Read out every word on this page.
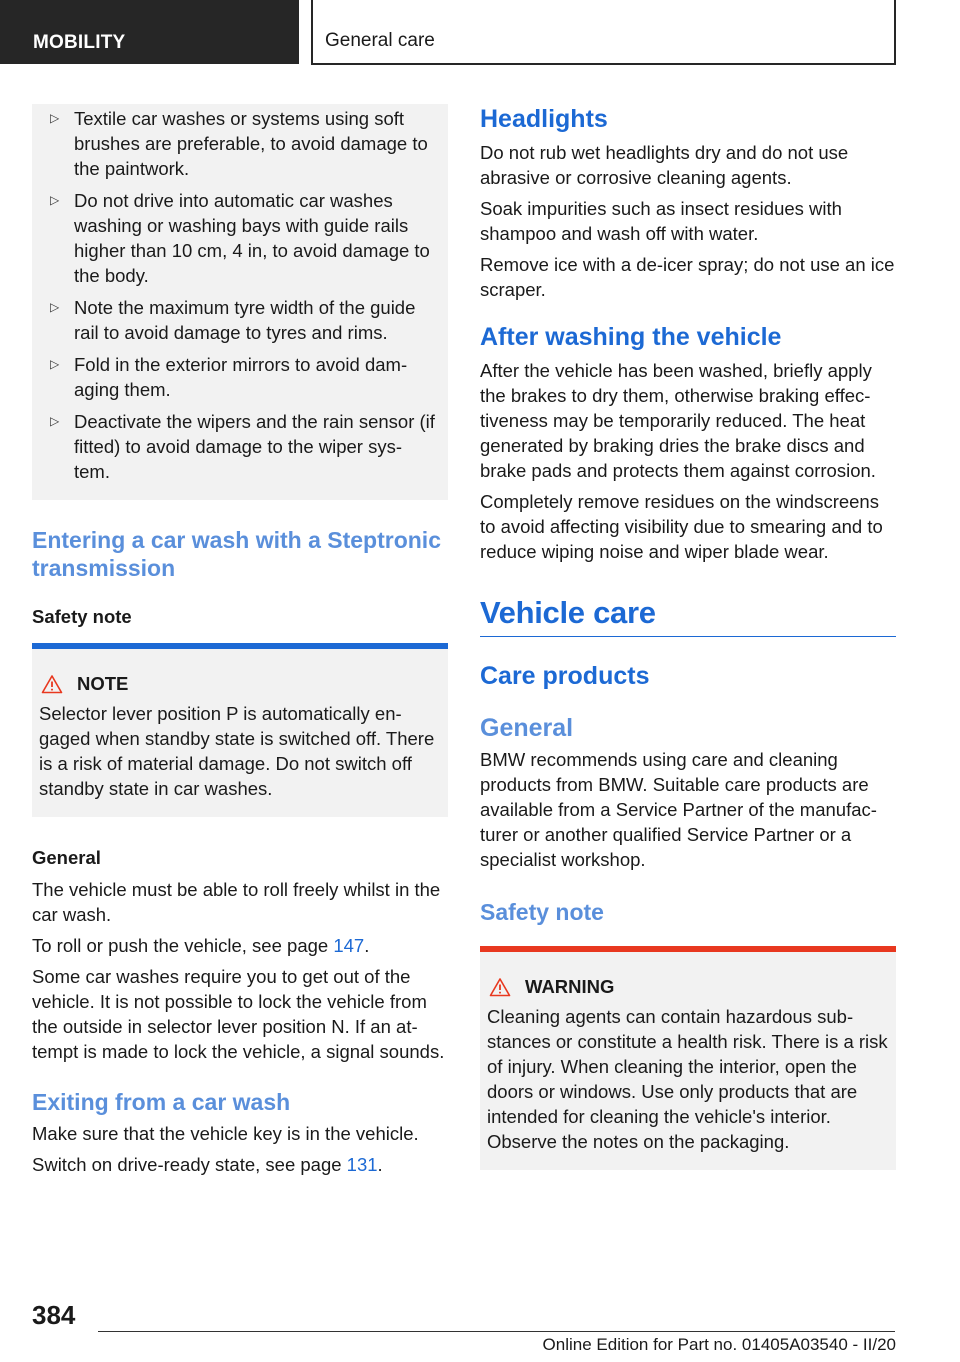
MOBILITY	General care
▷ Textile car washes or systems using soft brushes are preferable, to avoid damage to the paintwork.
▷ Do not drive into automatic car washes washing or washing bays with guide rails higher than 10 cm, 4 in, to avoid damage to the body.
▷ Note the maximum tyre width of the guide rail to avoid damage to tyres and rims.
▷ Fold in the exterior mirrors to avoid dam‐ aging them.
▷ Deactivate the wipers and the rain sensor (if fitted) to avoid damage to the wiper sys‐ tem.
Entering a car wash with a Steptronic transmission
Safety note
NOTE

Selector lever position P is automatically en‐ gaged when standby state is switched off. There is a risk of material damage. Do not switch off standby state in car washes.

General

The vehicle must be able to roll freely whilst in the car wash.

To roll or push the vehicle, see page 147.

Some car washes require you to get out of the vehicle. It is not possible to lock the vehicle from the outside in selector lever position N. If an at‐ tempt is made to lock the vehicle, a signal sounds.

Exiting from a car wash

Make sure that the vehicle key is in the vehicle.

Switch on drive-ready state, see page 131.

Headlights

Do not rub wet headlights dry and do not use abrasive or corrosive cleaning agents.

Soak impurities such as insect residues with shampoo and wash off with water.

Remove ice with a de-icer spray; do not use an ice scraper.

After washing the vehicle

After the vehicle has been washed, briefly apply the brakes to dry them, otherwise braking effec‐ tiveness may be temporarily reduced. The heat generated by braking dries the brake discs and brake pads and protects them against corrosion.

Completely remove residues on the windscreens to avoid affecting visibility due to smearing and to reduce wiping noise and wiper blade wear.

Vehicle care
Care products
General

BMW recommends using care and cleaning products from BMW. Suitable care products are available from a Service Partner of the manufac‐ turer or another qualified Service Partner or a specialist workshop.

Safety note
WARNING

Cleaning agents can contain hazardous sub‐ stances or constitute a health risk. There is a risk of injury. When cleaning the interior, open the doors or windows. Use only products that are intended for cleaning the vehicle's interior. Observe the notes on the packaging.

384
Online Edition for Part no. 01405A03540 - II/20
